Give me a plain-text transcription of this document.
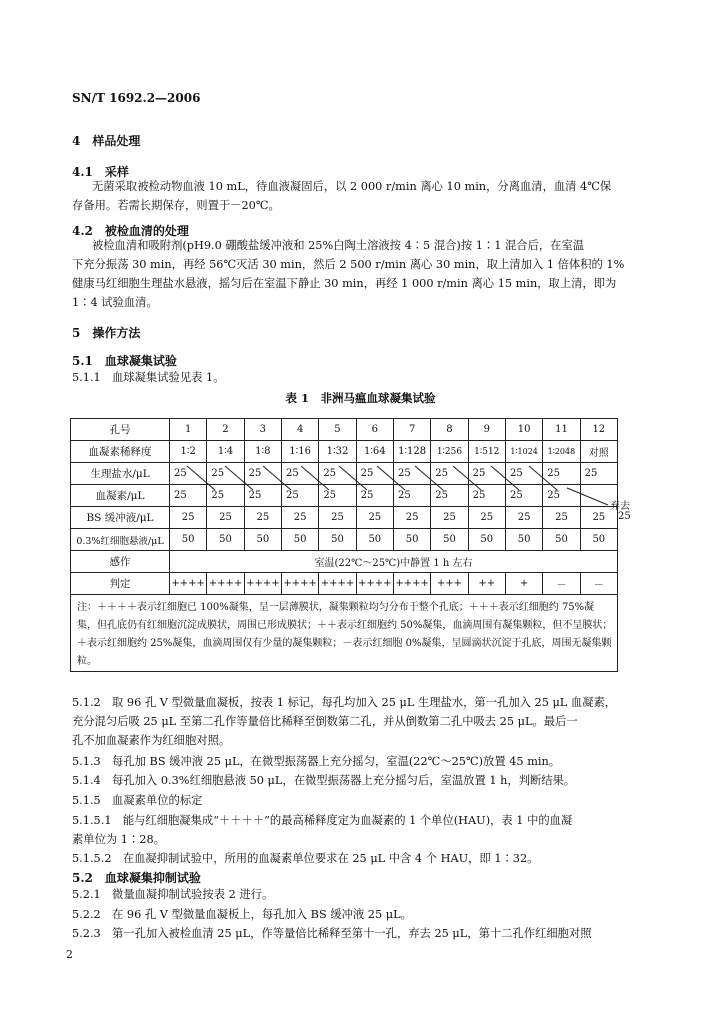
SN/T 1692.2—2006
4　样品处理
4.1　采样
无菌采取被检动物血液 10 mL，待血液凝固后，以 2 000 r/min 离心 10 min，分离血清，血清 4℃保
存备用。若需长期保存，则置于－20℃。
4.2　被检血清的处理
被检血清和吸附剂(pH9.0 硼酸盐缓冲液和 25%白陶土溶液按 4∶5 混合)按 1∶1 混合后，在室温
下充分振荡 30 min，再经 56℃灭活 30 min，然后 2 500 r/min 离心 30 min，取上清加入 1 倍体积的 1%
健康马红细胞生理盐水悬液，摇匀后在室温下静止 30 min，再经 1 000 r/min 离心 15 min，取上清，即为
1∶4 试验血清。
5　操作方法
5.1　血球凝集试验
5.1.1　血球凝集试验见表 1。
表 1　非洲马瘟血球凝集试验
孔号	1	2	3	4	5	6	7	8	9	10	11	12
血凝素稀释度	1∶2	1∶4	1∶8	1∶16	1∶32	1∶64	1∶128	1∶256	1∶512	1∶1024	1∶2048	对照
生理盐水/μL	25	25	25	25	25	25	25	25	25	25	25	25
血凝素/μL	25	25	25	25	25	25	25	25	25	25	25	
BS 缓冲液/μL	25	25	25	25	25	25	25	25	25	25	25	25
0.3%红细胞悬液/μL	50	50	50	50	50	50	50	50	50	50	50	50
感作	室温(22℃～25℃)中静置 1 h 左右											
判定	++++	++++	++++	++++	++++	++++	++++	+++	++	+	－	－
注：＋＋＋＋表示红细胞已 100%凝集，呈一层薄膜状，凝集颗粒均匀分布于整个孔底；＋＋＋表示红细胞约 75%凝集，但孔底仍有红细胞沉淀成膜状，周围已形成膜状；＋＋表示红细胞约 50%凝集，血滴周围有凝集颗粒，但不呈膜状；＋表示红细胞约 25%凝集，血滴周围仅有少量的凝集颗粒；－表示红细胞 0%凝集，呈圆滴状沉淀于孔底，周围无凝集颗粒。												
弃去
25
5.1.2　取 96 孔 V 型微量血凝板，按表 1 标记，每孔均加入 25 μL 生理盐水，第一孔加入 25 μL 血凝素，
充分混匀后吸 25 μL 至第二孔作等量倍比稀释至倒数第二孔，并从倒数第二孔中吸去 25 μL。最后一
孔不加血凝素作为红细胞对照。
5.1.3　每孔加 BS 缓冲液 25 μL，在微型振荡器上充分摇匀，室温(22℃～25℃)放置 45 min。
5.1.4　每孔加入 0.3%红细胞悬液 50 μL，在微型振荡器上充分摇匀后，室温放置 1 h，判断结果。
5.1.5　血凝素单位的标定
5.1.5.1　能与红细胞凝集成“＋＋＋＋”的最高稀释度定为血凝素的 1 个单位(HAU)，表 1 中的血凝
素单位为 1∶28。
5.1.5.2　在血凝抑制试验中，所用的血凝素单位要求在 25 μL 中含 4 个 HAU，即 1∶32。
5.2　血球凝集抑制试验
5.2.1　微量血凝抑制试验按表 2 进行。
5.2.2　在 96 孔 V 型微量血凝板上，每孔加入 BS 缓冲液 25 μL。
5.2.3　第一孔加入被检血清 25 μL，作等量倍比稀释至第十一孔，弃去 25 μL，第十二孔作红细胞对照
2
